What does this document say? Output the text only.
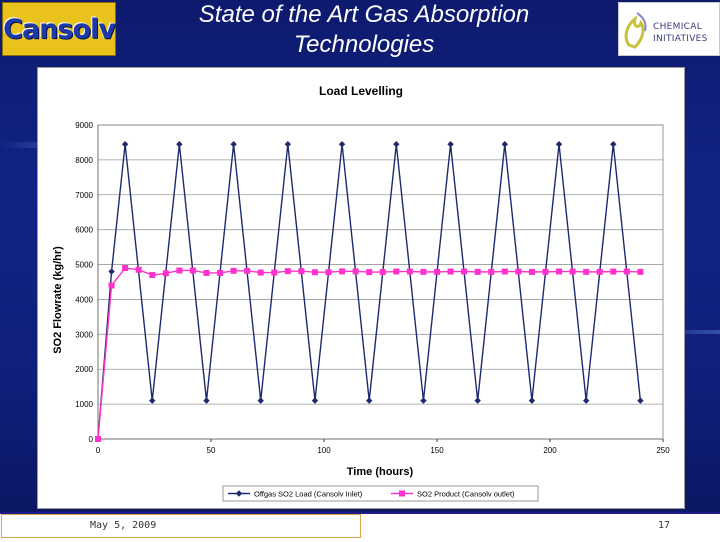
Cansolv	State of the Art Gas Absorption Technologies
CHEMICAL
INITIATIVES
0
1000
2000
3000
4000
5000
6000
7000
8000
9000
0	50	100	150	200	250
Load Levelling
Time (hours)
SO2 Flowrate (kg/hr)
Offgas SO2 Load (Cansolv Inlet)	SO2 Product (Cansolv outlet)
May 5, 2009	17
